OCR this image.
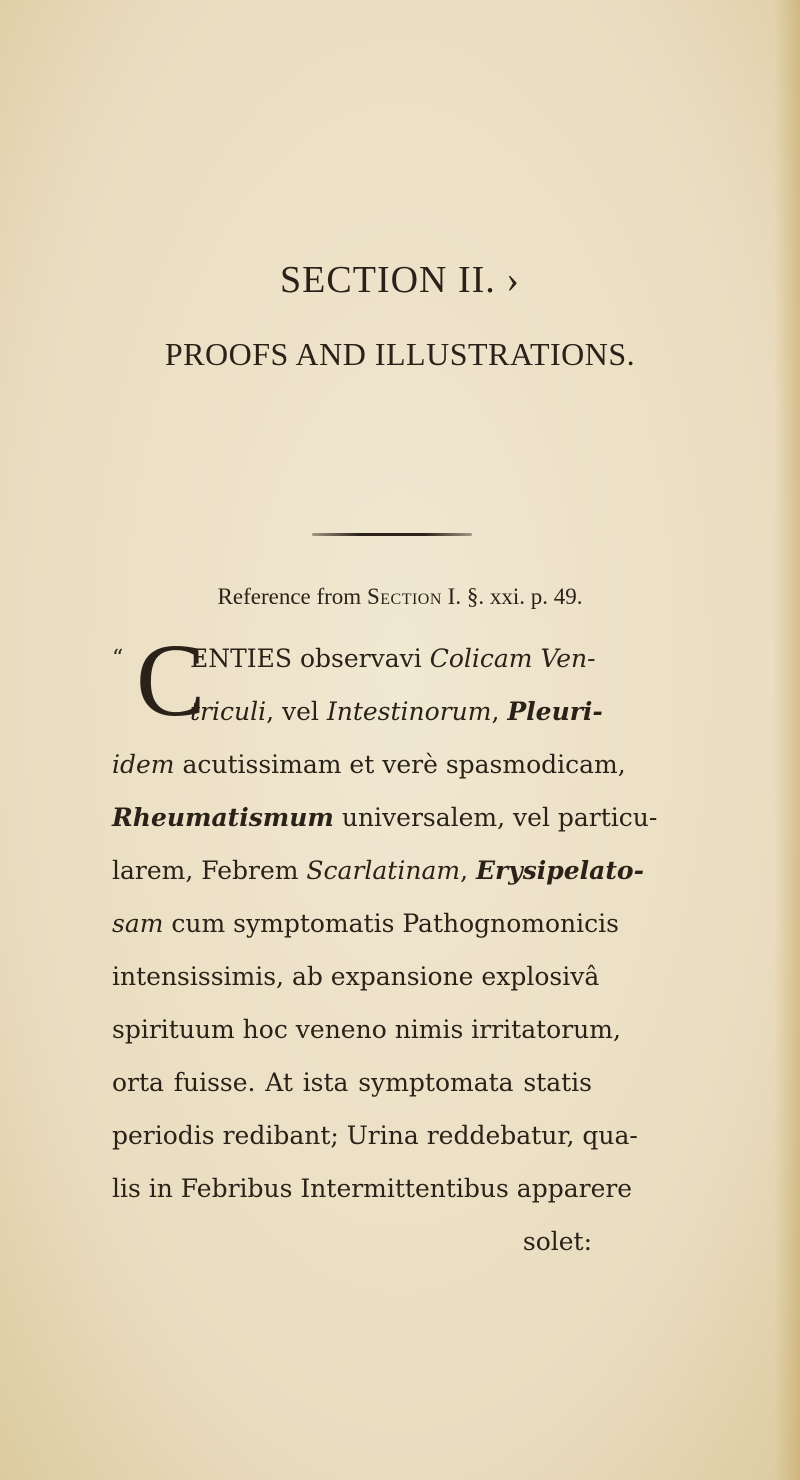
SECTION II. ›
PROOFS AND ILLUSTRATIONS.
Reference from Section I. §. xxi. p. 49.
“ C
ENTIES observavi Colicam Ven-
triculi, vel Intestinorum, Pleuri-
idem acutissimam et verè spasmodicam,
Rheumatismum universalem, vel particu-
larem, Febrem Scarlatinam, Erysipelato-
sam cum symptomatis Pathognomonicis
intensissimis, ab expansione explosivâ
spirituum hoc veneno nimis irritatorum,
orta fuisse. At ista symptomata statis
periodis redibant; Urina reddebatur, qua-
lis in Febribus Intermittentibus apparere
solet:
